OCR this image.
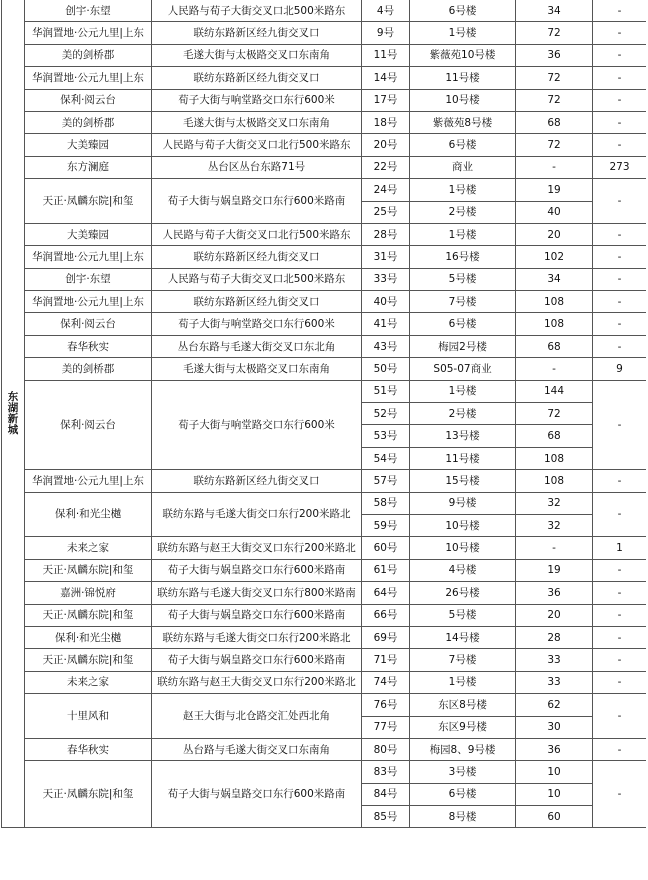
东湖新城	创宇·东望	人民路与荀子大街交叉口北500米路东	4号	6号楼	34	-
	华润置地·公元九里|上东	联纺东路新区经九街交叉口	9号	1号楼	72	-
	美的剑桥郡	毛遂大街与太极路交叉口东南角	11号	紫薇苑10号楼	36	-
	华润置地·公元九里|上东	联纺东路新区经九街交叉口	14号	11号楼	72	-
	保利·阅云台	荀子大街与响堂路交口东行600米	17号	10号楼	72	-
	美的剑桥郡	毛遂大街与太极路交叉口东南角	18号	紫薇苑8号楼	68	-
	大美臻园	人民路与荀子大街交叉口北行500米路东	20号	6号楼	72	-
	东方澜庭	丛台区丛台东路71号	22号	商业	-	273
	天正·凤麟东院|和玺	荀子大街与娲皇路交口东行600米路南	24号	1号楼	19	-
			25号	2号楼	40	
	大美臻园	人民路与荀子大街交叉口北行500米路东	28号	1号楼	20	-
	华润置地·公元九里|上东	联纺东路新区经九街交叉口	31号	16号楼	102	-
	创宇·东望	人民路与荀子大街交叉口北500米路东	33号	5号楼	34	-
	华润置地·公元九里|上东	联纺东路新区经九街交叉口	40号	7号楼	108	-
	保利·阅云台	荀子大街与响堂路交口东行600米	41号	6号楼	108	-
	春华秋实	丛台东路与毛遂大街交叉口东北角	43号	梅园2号楼	68	-
	美的剑桥郡	毛遂大街与太极路交叉口东南角	50号	S05-07商业	-	9
	保利·阅云台	荀子大街与响堂路交口东行600米	51号	1号楼	144	-
			52号	2号楼	72	
			53号	13号楼	68	
			54号	11号楼	108	
	华润置地·公元九里|上东	联纺东路新区经九街交叉口	57号	15号楼	108	-
	保利·和光尘樾	联纺东路与毛遂大街交口东行200米路北	58号	9号楼	32	-
			59号	10号楼	32	
	未来之家	联纺东路与赵王大街交叉口东行200米路北	60号	10号楼	-	1
	天正·凤麟东院|和玺	荀子大街与娲皇路交口东行600米路南	61号	4号楼	19	-
	嘉洲·锦悦府	联纺东路与毛遂大街交叉口东行800米路南	64号	26号楼	36	-
	天正·凤麟东院|和玺	荀子大街与娲皇路交口东行600米路南	66号	5号楼	20	-
	保利·和光尘樾	联纺东路与毛遂大街交口东行200米路北	69号	14号楼	28	-
	天正·凤麟东院|和玺	荀子大街与娲皇路交口东行600米路南	71号	7号楼	33	-
	未来之家	联纺东路与赵王大街交叉口东行200米路北	74号	1号楼	33	-
	十里风和	赵王大街与北仓路交汇处西北角	76号	东区8号楼	62	-
			77号	东区9号楼	30	
	春华秋实	丛台路与毛遂大街交叉口东南角	80号	梅园8、9号楼	36	-
	天正·凤麟东院|和玺	荀子大街与娲皇路交口东行600米路南	83号	3号楼	10	-
			84号	6号楼	10	
			85号	8号楼	60	
